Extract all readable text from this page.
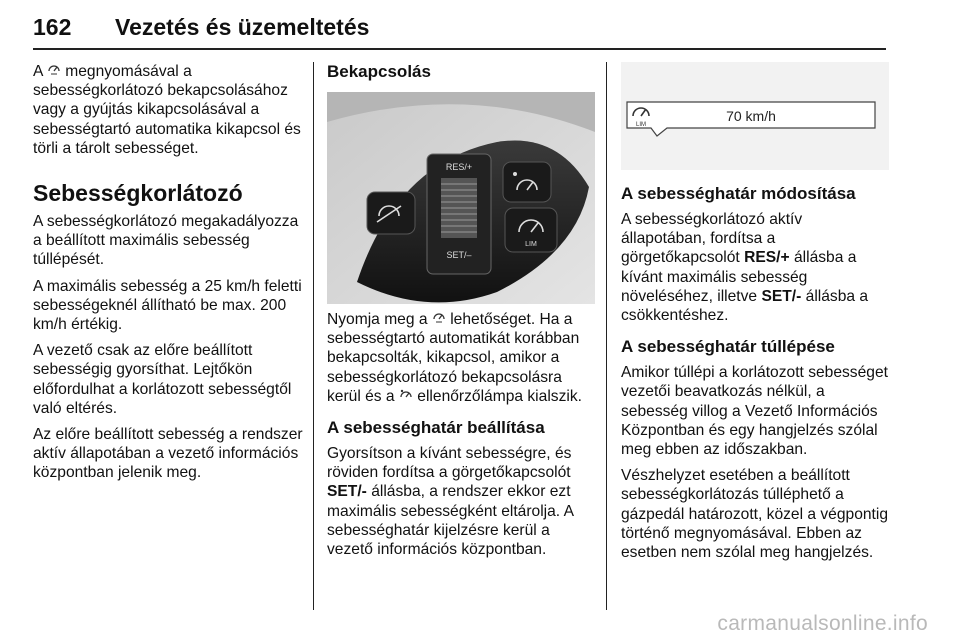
162 Vezetés és üzemeltetés

A megnyomásával a sebességkorlátozó bekapcsolásához vagy a gyújtás kikapcsolásával a sebességtartó automatika kikapcsol és törli a tárolt sebességet.

Sebességkorlátozó

A sebességkorlátozó megakadályozza a beállított maximális sebesség túllépését.

A maximális sebesség a 25 km/h feletti sebességeknél állítható be max. 200 km/h értékig.

A vezető csak az előre beállított sebességig gyorsíthat. Lejtőkön előfordulhat a korlátozott sebességtől való eltérés.

Az előre beállított sebesség a rendszer aktív állapotában a vezető információs központban jelenik meg.

Bekapcsolás
RES/+
SET/–
LIM

Nyomja meg a lehetőséget. Ha a sebességtartó automatikát korábban bekapcsolták, kikapcsol, amikor a sebességkorlátozó bekapcsolásra kerül és a ellenőrzőlámpa kialszik.

A sebességhatár beállítása

Gyorsítson a kívánt sebességre, és röviden fordítsa a görgetőkapcsolót SET/- állásba, a rendszer ekkor ezt maximális sebességként eltárolja. A sebességhatár kijelzésre kerül a vezető információs központban.

LIM
70 km/h
A sebességhatár módosítása

A sebességkorlátozó aktív állapotában, fordítsa a görgetőkapcsolót RES/+ állásba a kívánt maximális sebesség növeléséhez, illetve SET/- állásba a csökkentéshez.

A sebességhatár túllépése

Amikor túllépi a korlátozott sebességet vezetői beavatkozás nélkül, a sebesség villog a Vezető Információs Központban és egy hangjelzés szólal meg ebben az időszakban.

Vészhelyzet esetében a beállított sebességkorlátozás túlléphető a gázpedál határozott, közel a végpontig történő megnyomásával. Ebben az esetben nem szólal meg hangjelzés.

carmanualsonline.info
